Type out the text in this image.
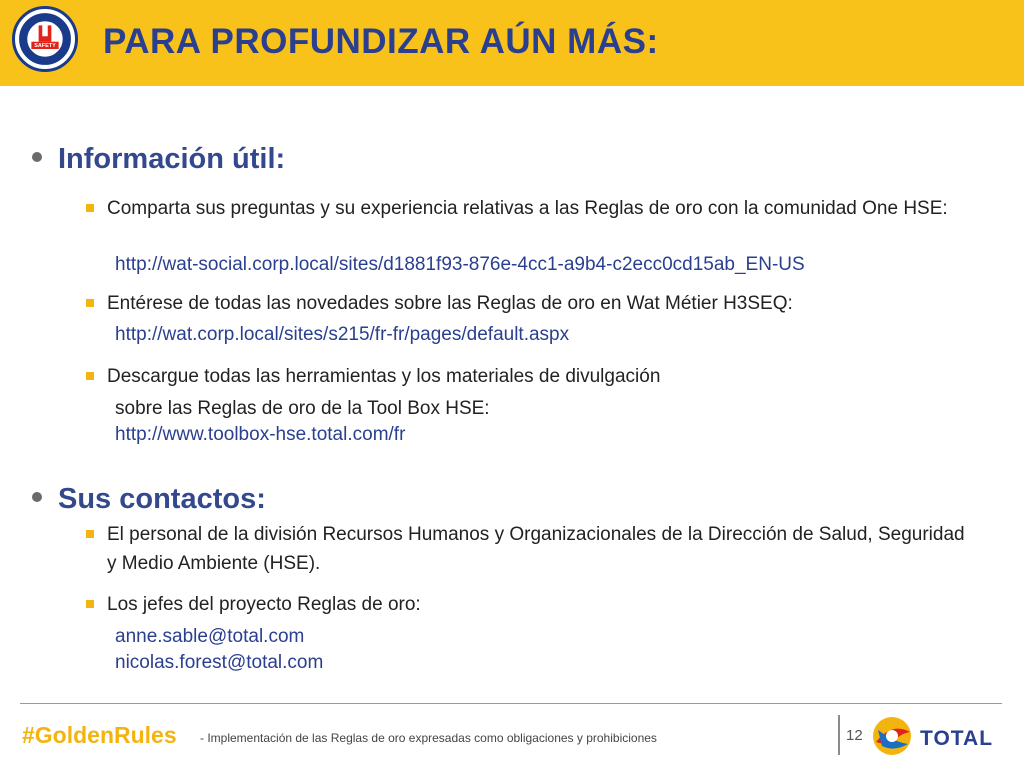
SAFETY PARA PROFUNDIZAR AÚN MÁS:
Información útil:
Comparta sus preguntas y su experiencia relativas a las Reglas de oro con la comunidad One HSE:
http://wat-social.corp.local/sites/d1881f93-876e-4cc1-a9b4-c2ecc0cd15ab_EN-US
Entérese de todas las novedades sobre las Reglas de oro en Wat Métier H3SEQ:
http://wat.corp.local/sites/s215/fr-fr/pages/default.aspx
Descargue todas las herramientas y los materiales de divulgación
sobre las Reglas de oro de la Tool Box HSE:
http://www.toolbox-hse.total.com/fr
Sus contactos:
El personal de la división Recursos Humanos y Organizacionales de la Dirección de Salud, Seguridad y Medio Ambiente (HSE).
Los jefes del proyecto Reglas de oro:
anne.sable@total.com
nicolas.forest@total.com
#GoldenRules - Implementación de las Reglas de oro expresadas como obligaciones y prohibiciones	12	TOTAL
